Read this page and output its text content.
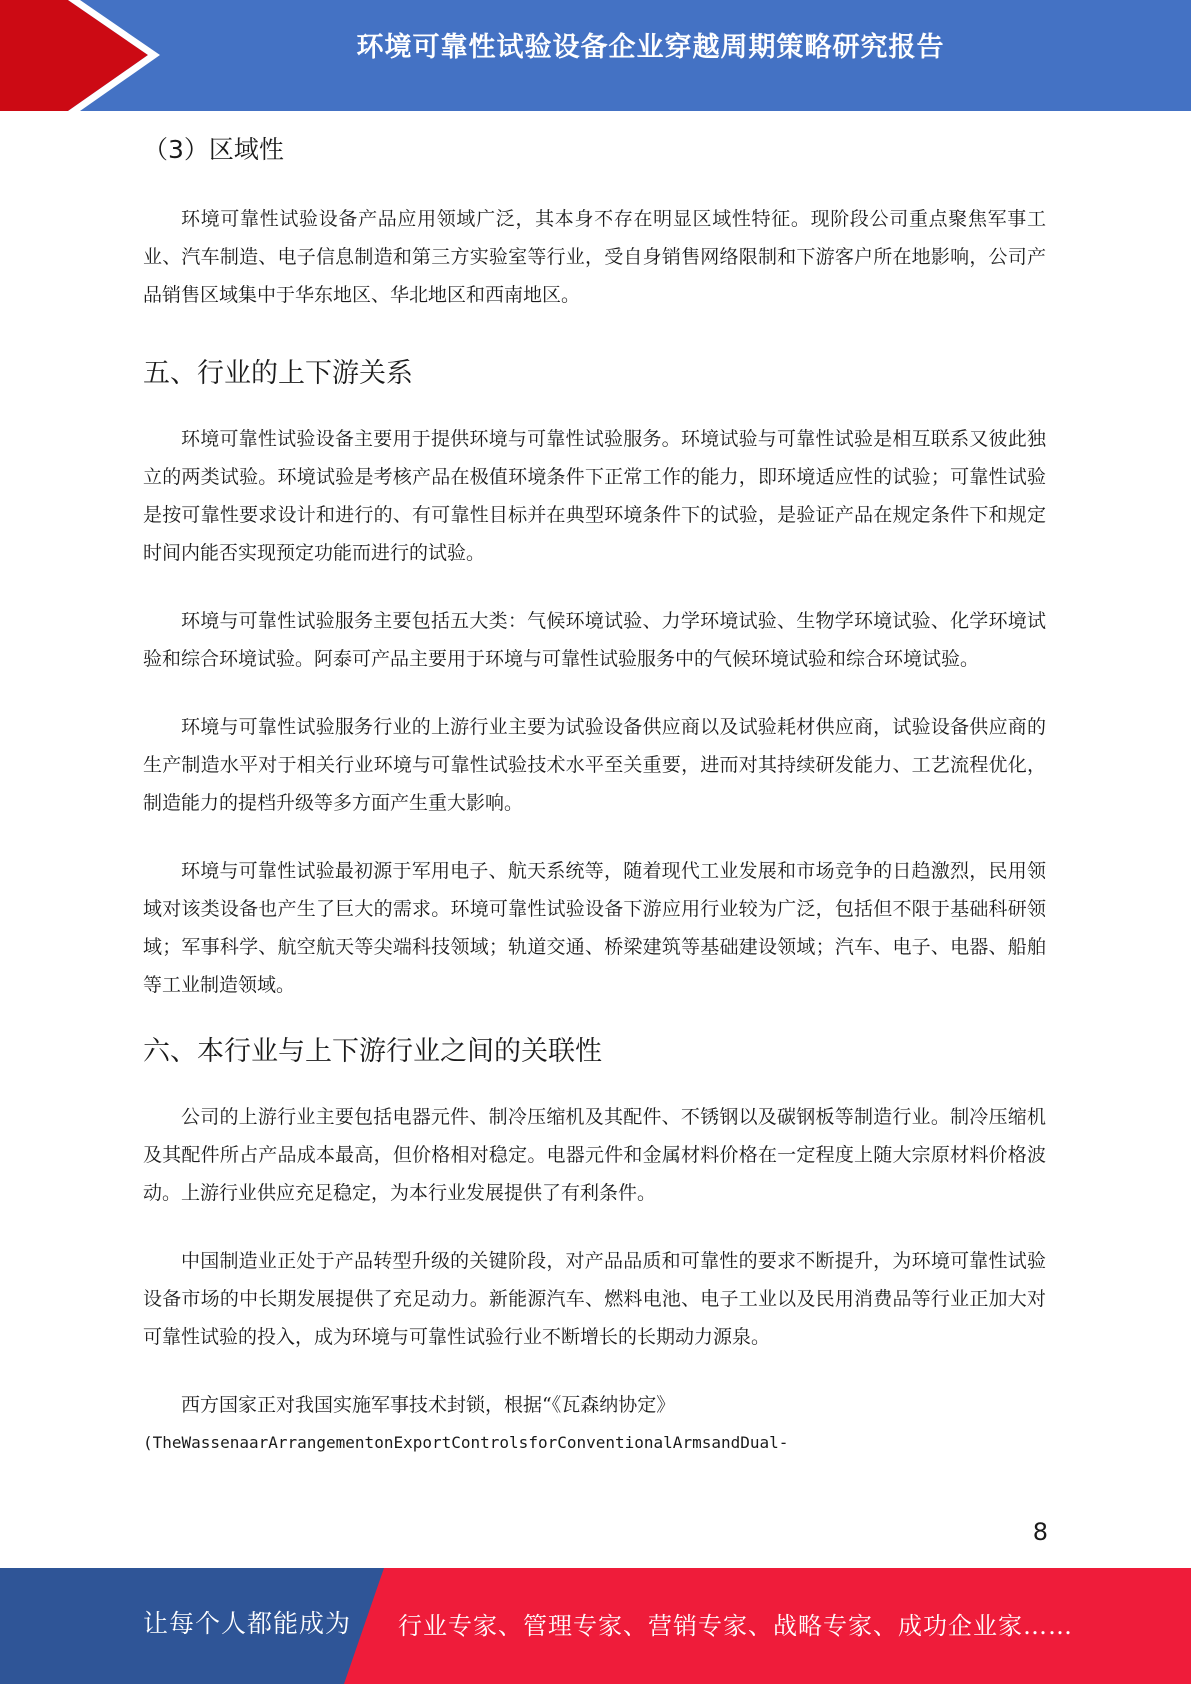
环境可靠性试验设备企业穿越周期策略研究报告
（3）区域性

环境可靠性试验设备产品应用领域广泛，其本身不存在明显区域性特征。现阶段公司重点聚焦军事工业、汽车制造、电子信息制造和第三方实验室等行业，受自身销售网络限制和下游客户所在地影响，公司产品销售区域集中于华东地区、华北地区和西南地区。

五、行业的上下游关系

环境可靠性试验设备主要用于提供环境与可靠性试验服务。环境试验与可靠性试验是相互联系又彼此独立的两类试验。环境试验是考核产品在极值环境条件下正常工作的能力，即环境适应性的试验；可靠性试验是按可靠性要求设计和进行的、有可靠性目标并在典型环境条件下的试验，是验证产品在规定条件下和规定时间内能否实现预定功能而进行的试验。

环境与可靠性试验服务主要包括五大类：气候环境试验、力学环境试验、生物学环境试验、化学环境试验和综合环境试验。阿泰可产品主要用于环境与可靠性试验服务中的气候环境试验和综合环境试验。

环境与可靠性试验服务行业的上游行业主要为试验设备供应商以及试验耗材供应商，试验设备供应商的生产制造水平对于相关行业环境与可靠性试验技术水平至关重要，进而对其持续研发能力、工艺流程优化，制造能力的提档升级等多方面产生重大影响。

环境与可靠性试验最初源于军用电子、航天系统等，随着现代工业发展和市场竞争的日趋激烈，民用领域对该类设备也产生了巨大的需求。环境可靠性试验设备下游应用行业较为广泛，包括但不限于基础科研领域；军事科学、航空航天等尖端科技领域；轨道交通、桥梁建筑等基础建设领域；汽车、电子、电器、船舶等工业制造领域。

六、本行业与上下游行业之间的关联性

公司的上游行业主要包括电器元件、制冷压缩机及其配件、不锈钢以及碳钢板等制造行业。制冷压缩机及其配件所占产品成本最高，但价格相对稳定。电器元件和金属材料价格在一定程度上随大宗原材料价格波动。上游行业供应充足稳定，为本行业发展提供了有利条件。

中国制造业正处于产品转型升级的关键阶段，对产品品质和可靠性的要求不断提升，为环境可靠性试验设备市场的中长期发展提供了充足动力。新能源汽车、燃料电池、电子工业以及民用消费品等行业正加大对可靠性试验的投入，成为环境与可靠性试验行业不断增长的长期动力源泉。

西方国家正对我国实施军事技术封锁，根据“《瓦森纳协定》

(TheWassenaarArrangementonExportControlsforConventionalArmsandDual-
8
让每个人都能成为 行业专家、管理专家、营销专家、战略专家、成功企业家……
